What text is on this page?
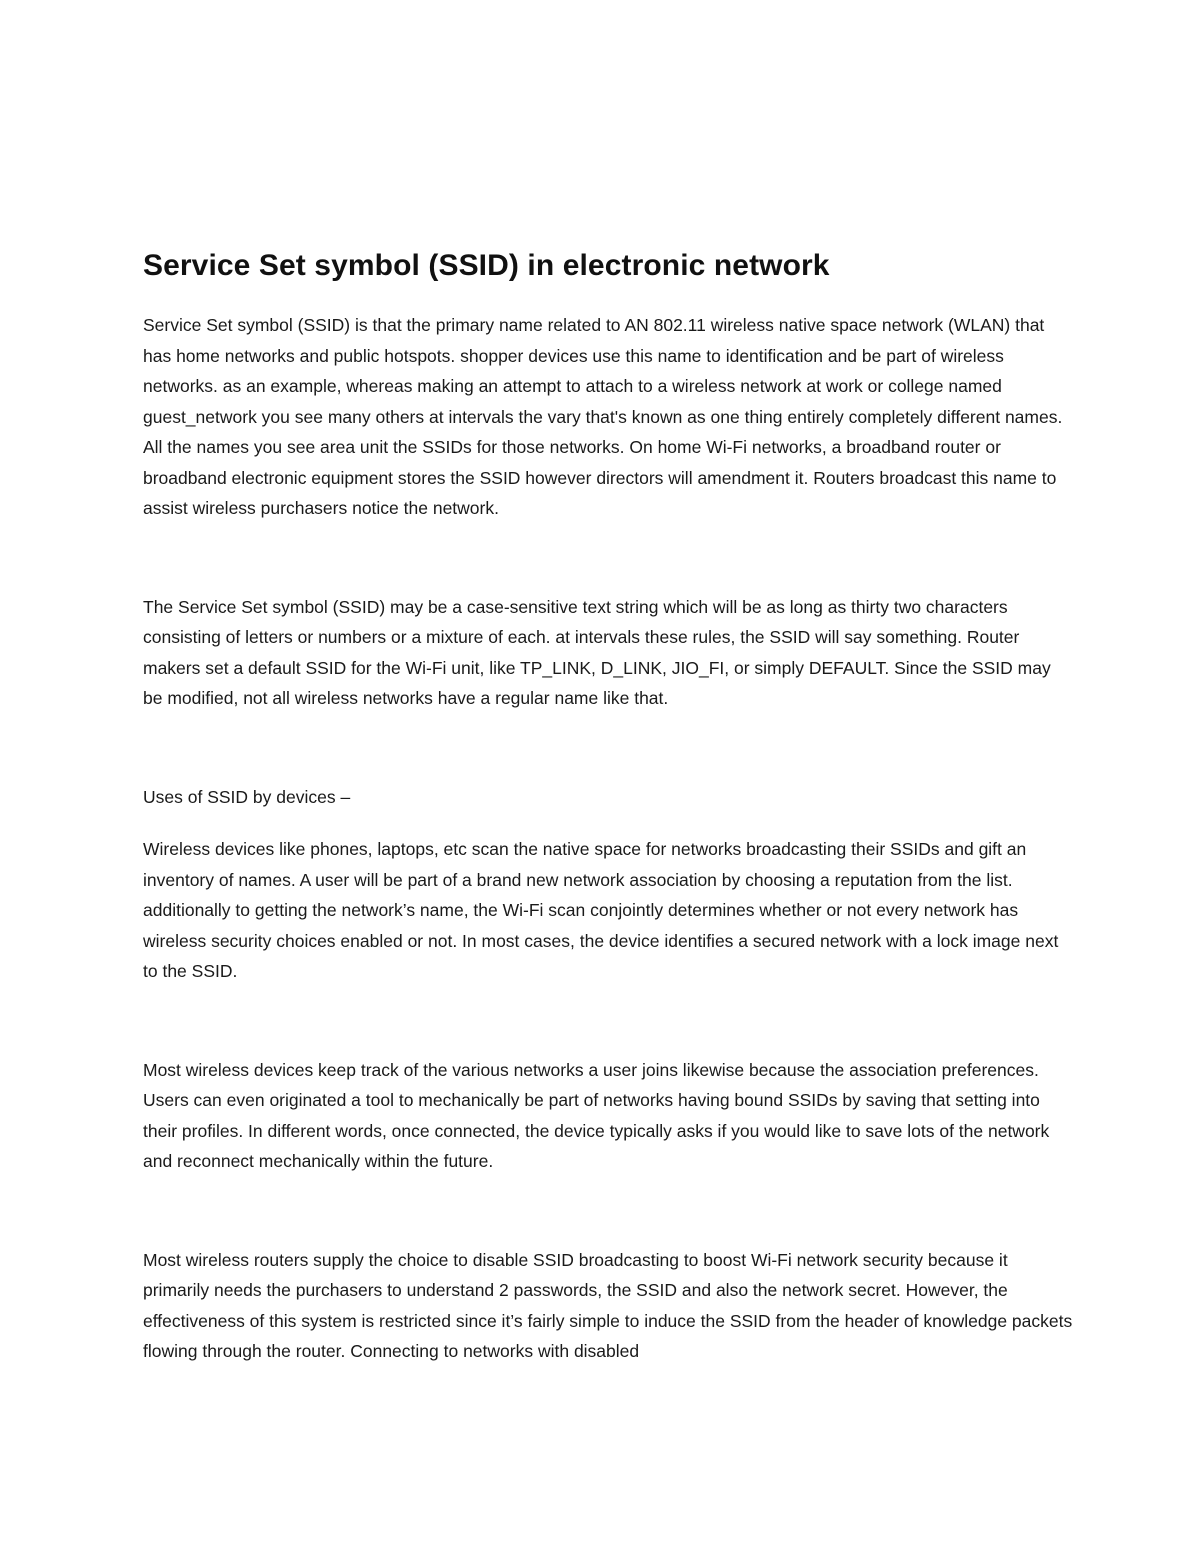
Service Set symbol (SSID) in electronic network

Service Set symbol (SSID) is that the primary name related to AN 802.11 wireless native space network (WLAN) that has home networks and public hotspots. shopper devices use this name to identification and be part of wireless networks. as an example, whereas making an attempt to attach to a wireless network at work or college named guest_network you see many others at intervals the vary that's known as one thing entirely completely different names. All the names you see area unit the SSIDs for those networks. On home Wi-Fi networks, a broadband router or broadband electronic equipment stores the SSID however directors will amendment it. Routers broadcast this name to assist wireless purchasers notice the network.

The Service Set symbol (SSID) may be a case-sensitive text string which will be as long as thirty two characters consisting of letters or numbers or a mixture of each. at intervals these rules, the SSID will say something. Router makers set a default SSID for the Wi-Fi unit, like TP_LINK, D_LINK, JIO_FI, or simply DEFAULT. Since the SSID may be modified, not all wireless networks have a regular name like that.

Uses of SSID by devices –

Wireless devices like phones, laptops, etc scan the native space for networks broadcasting their SSIDs and gift an inventory of names. A user will be part of a brand new network association by choosing a reputation from the list. additionally to getting the network’s name, the Wi-Fi scan conjointly determines whether or not every network has wireless security choices enabled or not. In most cases, the device identifies a secured network with a lock image next to the SSID.

Most wireless devices keep track of the various networks a user joins likewise because the association preferences. Users can even originated a tool to mechanically be part of networks having bound SSIDs by saving that setting into their profiles. In different words, once connected, the device typically asks if you would like to save lots of the network and reconnect mechanically within the future.

Most wireless routers supply the choice to disable SSID broadcasting to boost Wi-Fi network security because it primarily needs the purchasers to understand 2 passwords, the SSID and also the network secret. However, the effectiveness of this system is restricted since it’s fairly simple to induce the SSID from the header of knowledge packets flowing through the router. Connecting to networks with disabled
